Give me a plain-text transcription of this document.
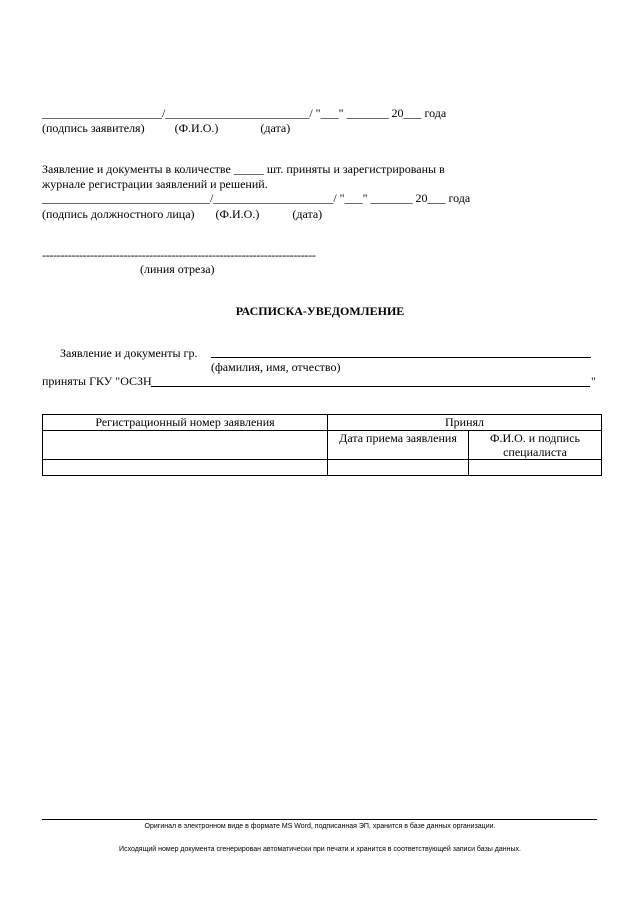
____________________/________________________/ "___" _______ 20___ года
(подпись заявителя)          (Ф.И.О.)              (дата)
Заявление и документы в количестве _____ шт. приняты и зарегистрированы в
журнале регистрации заявлений и решений.
____________________________/____________________/ "___" _______ 20___ года
(подпись должностного лица)       (Ф.И.О.)           (дата)
--------------------------------------------------------------------------
(линия отреза)
РАСПИСКА-УВЕДОМЛЕНИЕ
Заявление и документы гр.
(фамилия, имя, отчество)
приняты ГКУ "ОСЗН	"
Регистрационный номер заявления	Принял	
	Дата приема заявления	Ф.И.О. и подпись специалиста

Оригинал в электронном виде в формате MS Word, подписанная ЭП, хранится в базе данных организации.
Исходящий номер документа сгенерирован автоматически при печати и хранится в соответствующей записи базы данных.
